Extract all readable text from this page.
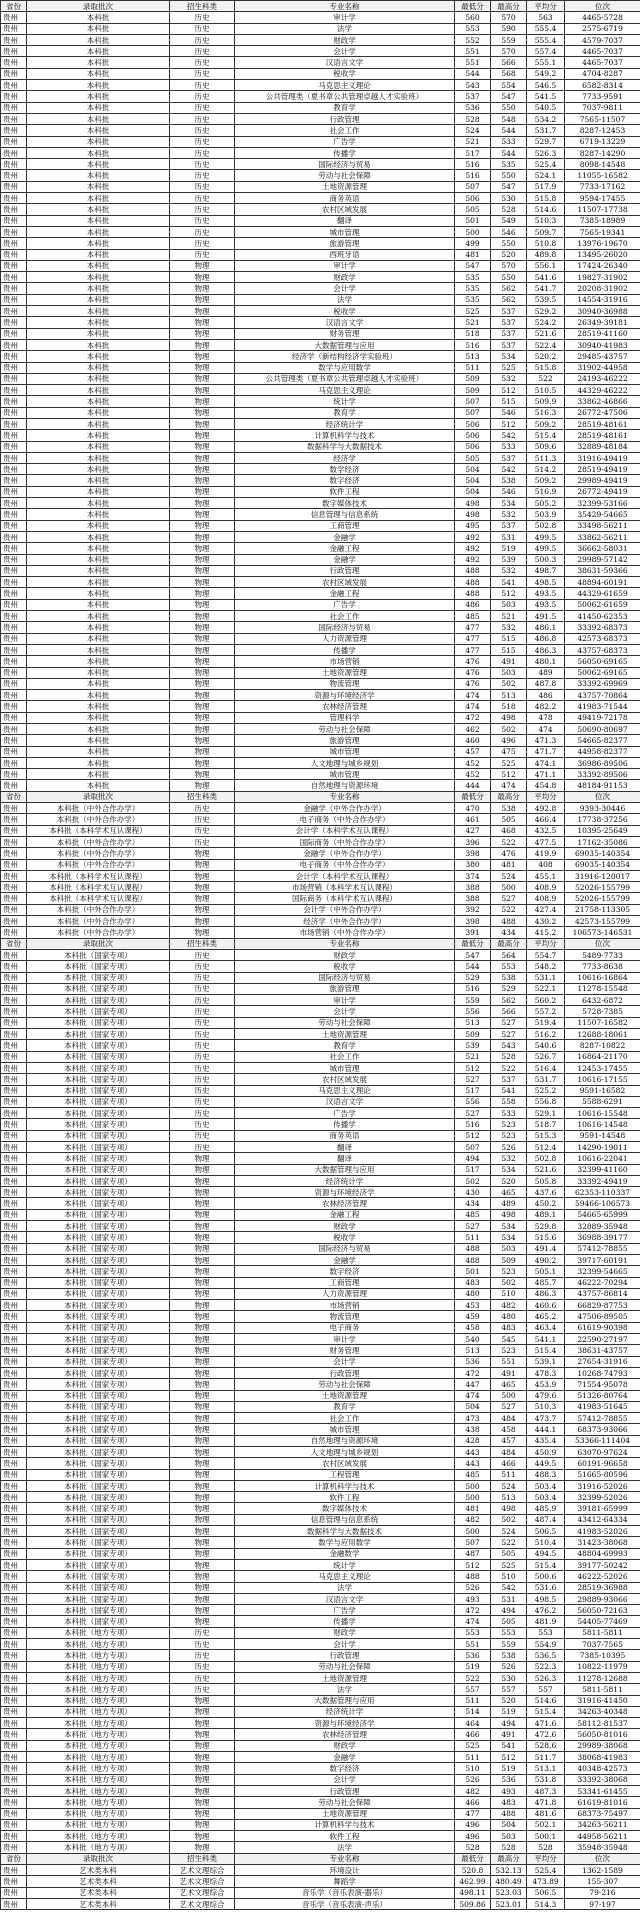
省份	录取批次	招生科类	专业名称	最低分	最高分	平均分	位次
贵州	本科批	历史	审计学	560	570	563	4465-5728
贵州	本科批	历史	法学	553	590	555.4	2575-6719
贵州	本科批	历史	财政学	552	559	555.4	4579-7037
贵州	本科批	历史	会计学	551	570	557.4	4465-7037
贵州	本科批	历史	汉语言文学	551	566	555.1	4465-7037
贵州	本科批	历史	税收学	544	568	549.2	4704-8287
贵州	本科批	历史	马克思主义理论	543	554	546.5	6582-8314
贵州	本科批	历史	公共管理类（夏书章公共管理卓越人才实验班）	537	547	541.5	7733-9591
贵州	本科批	历史	教育学	536	550	540.5	7037-9811
贵州	本科批	历史	行政管理	528	548	534.2	7565-11507
贵州	本科批	历史	社会工作	524	544	531.7	8287-12453
贵州	本科批	历史	广告学	521	533	529.7	6719-13229
贵州	本科批	历史	传播学	517	544	526.3	8287-14290
贵州	本科批	历史	国际经济与贸易	516	535	525.4	8098-14548
贵州	本科批	历史	劳动与社会保障	516	550	524.1	11055-16582
贵州	本科批	历史	土地资源管理	507	547	517.9	7733-17162
贵州	本科批	历史	商务英语	506	530	515.8	9594-17455
贵州	本科批	历史	农村区域发展	505	528	514.6	11507-17738
贵州	本科批	历史	翻译	501	549	510.3	7385-18989
贵州	本科批	历史	城市管理	500	546	509.7	7565-19341
贵州	本科批	历史	旅游管理	499	550	510.8	13976-19670
贵州	本科批	历史	西班牙语	481	520	489.8	13495-26020
贵州	本科批	物理	审计学	547	570	556.1	17424-26340
贵州	本科批	物理	财政学	535	550	541.6	19827-31902
贵州	本科批	物理	会计学	535	562	541.7	20208-31902
贵州	本科批	物理	法学	535	562	539.5	14554-31916
贵州	本科批	物理	税收学	525	537	529.2	30940-36988
贵州	本科批	物理	汉语言文学	521	537	524.2	26349-39181
贵州	本科批	物理	财务管理	518	537	521.6	28519-41160
贵州	本科批	物理	大数据管理与应用	516	537	522.4	30940-41983
贵州	本科批	物理	经济学（新结构经济学实验班）	513	534	520.2	29485-43757
贵州	本科批	物理	数学与应用数学	511	525	515.8	31902-44958
贵州	本科批	物理	公共管理类（夏书章公共管理卓越人才实验班）	509	532	522	24193-46222
贵州	本科批	物理	马克思主义理论	509	512	510.5	44329-46222
贵州	本科批	物理	统计学	507	515	509.9	33862-46866
贵州	本科批	物理	教育学	507	546	516.3	26772-47506
贵州	本科批	物理	经济统计学	506	512	509.2	28519-48161
贵州	本科批	物理	计算机科学与技术	506	542	515.4	28519-48161
贵州	本科批	物理	数据科学与大数据技术	506	533	509.6	32889-48184
贵州	本科批	物理	经济学	505	537	511.3	31916-49419
贵州	本科批	物理	数学经济	504	542	514.2	28519-49419
贵州	本科批	物理	数字经济	504	538	509.2	29989-49419
贵州	本科批	物理	软件工程	504	546	516.9	26772-49419
贵州	本科批	物理	数字媒体技术	498	534	505.2	32399-53166
贵州	本科批	物理	信息管理与信息系统	498	532	503.9	35429-54665
贵州	本科批	物理	工商管理	495	537	502.8	33498-56211
贵州	本科批	物理	金融学	492	531	499.5	33862-56211
贵州	本科批	物理	金融工程	492	519	499.5	36662-58031
贵州	本科批	物理	金融学	492	539	500.3	29989-57142
贵州	本科批	物理	行政管理	488	532	498.7	38631-59366
贵州	本科批	物理	农村区域发展	488	541	498.5	48894-60191
贵州	本科批	物理	金融工程	488	512	493.5	44329-61659
贵州	本科批	物理	广告学	486	503	493.5	50062-61659
贵州	本科批	物理	社会工作	485	521	491.5	41450-62353
贵州	本科批	物理	国际经济与贸易	477	532	486.1	33392-68373
贵州	本科批	物理	人力资源管理	477	515	486.8	42573-68373
贵州	本科批	物理	传播学	477	515	486.3	43757-68373
贵州	本科批	物理	市场营销	476	491	480.1	56050-69165
贵州	本科批	物理	土地资源管理	476	503	489	50062-69165
贵州	本科批	物理	物流管理	476	502	487.8	33392-69969
贵州	本科批	物理	资源与环境经济学	474	513	486	43757-70864
贵州	本科批	物理	农林经济管理	474	518	482.2	41983-71544
贵州	本科批	物理	管理科学	472	498	478	49419-72178
贵州	本科批	物理	劳动与社会保障	462	502	474	50690-80697
贵州	本科批	物理	旅游管理	460	496	471.3	54665-82377
贵州	本科批	物理	城市管理	457	475	471.7	44958-82377
贵州	本科批	物理	人文地理与城乡规划	452	525	474.1	36986-89506
贵州	本科批	物理	城市管理	452	512	471.1	33392-89506
贵州	本科批	物理	自然地理与资源环境	444	474	454.8	48184-91153
省份	录取批次	招生科类	专业名称	最低分	最高分	平均分	位次
贵州	本科批（中外合作办学）	历史	金融学（中外合作办学）	470	538	492.8	9393-30446
贵州	本科批（中外合作办学）	历史	电子商务（中外合作办学）	461	505	466.4	17738-37256
贵州	本科批（本科学术互认课程）	历史	会计学（本科学术互认课程）	427	468	432.5	10395-25649
贵州	本科批（中外合作办学）	历史	国际商务（中外合作办学）	396	522	477.5	17162-35086
贵州	本科批（中外合作办学）	物理	金融学（中外合作办学）	398	476	419.9	69035-140354
贵州	本科批（中外合作办学）	物理	电子商务（中外合作办学）	380	481	408	69035-140354
贵州	本科批（本科学术互认课程）	物理	会计学（本科学术互认课程）	374	524	455.1	31916-120017
贵州	本科批（本科学术互认课程）	物理	市场营销（本科学术互认课程）	388	500	408.9	52026-155799
贵州	本科批（本科学术互认课程）	物理	国际商务（本科学术互认课程）	388	527	408.9	52026-155799
贵州	本科批（中外合作办学）	物理	会计学（中外合作办学）	392	522	427.4	21758-113305
贵州	本科批（中外合作办学）	物理	经济学（中外合作办学）	398	488	430.2	42573-155799
贵州	本科批（中外合作办学）	物理	市场营销（中外合作办学）	391	434	415.2	106573-146531
省份	录取批次	招生科类	专业名称	最低分	最高分	平均分	位次
贵州	本科批（国家专项）	历史	财政学	547	564	554.7	5489-7733
贵州	本科批（国家专项）	历史	税收学	544	553	548.2	7733-8638
贵州	本科批（国家专项）	历史	国际经济与贸易	529	538	531.1	10616-16864
贵州	本科批（国家专项）	历史	旅游管理	516	529	522.1	11278-15548
贵州	本科批（国家专项）	历史	审计学	559	562	560.2	6432-6872
贵州	本科批（国家专项）	历史	会计学	556	566	557.2	5728-7385
贵州	本科批（国家专项）	历史	劳动与社会保障	513	527	519.4	11507-16582
贵州	本科批（国家专项）	历史	土地资源管理	509	527	516.2	12688-18061
贵州	本科批（国家专项）	历史	教育学	539	543	540.6	8287-10822
贵州	本科批（国家专项）	历史	社会工作	521	528	526.7	16864-21170
贵州	本科批（国家专项）	历史	城市管理	512	522	516.4	12453-17455
贵州	本科批（国家专项）	历史	农村区域发展	527	537	531.7	10616-17155
贵州	本科批（国家专项）	历史	马克思主义理论	517	541	525.2	9591-16582
贵州	本科批（国家专项）	历史	汉语言文学	556	558	556.8	5588-6291
贵州	本科批（国家专项）	历史	广告学	527	533	529.1	10616-15548
贵州	本科批（国家专项）	历史	传播学	516	523	518.7	10616-14548
贵州	本科批（国家专项）	历史	商务英语	512	523	515.3	9591-14548
贵州	本科批（国家专项）	历史	翻译	507	526	512.4	14290-19011
贵州	本科批（国家专项）	物理	翻译	494	532	502.8	10616-22041
贵州	本科批（国家专项）	物理	大数据管理与应用	517	534	521.6	32399-41160
贵州	本科批（国家专项）	物理	经济统计学	502	520	505.8	33392-49419
贵州	本科批（国家专项）	物理	资源与环境经济学	430	465	437.6	62353-110337
贵州	本科批（国家专项）	物理	农林经济管理	434	489	450.2	59466-106573
贵州	本科批（国家专项）	物理	金融工程	485	498	489.1	54665-65999
贵州	本科批（国家专项）	物理	财政学	527	534	529.8	32889-35948
贵州	本科批（国家专项）	物理	税收学	511	534	515.6	36988-39177
贵州	本科批（国家专项）	物理	国际经济与贸易	488	503	491.4	57412-78855
贵州	本科批（国家专项）	物理	金融学	488	509	490.2	39717-60191
贵州	本科批（国家专项）	物理	数字经济	501	523	505.1	32399-54665
贵州	本科批（国家专项）	物理	工商管理	483	502	485.7	46222-70294
贵州	本科批（国家专项）	物理	人力资源管理	480	510	486.3	43757-86814
贵州	本科批（国家专项）	物理	市场营销	453	482	460.6	66829-87753
贵州	本科批（国家专项）	物理	物流管理	459	480	465.2	47506-89505
贵州	本科批（国家专项）	物理	电子商务	458	483	463.4	61619-90398
贵州	本科批（国家专项）	物理	审计学	540	545	541.1	22590-27197
贵州	本科批（国家专项）	物理	财务管理	513	523	515.4	38631-43757
贵州	本科批（国家专项）	物理	会计学	536	551	539.1	27654-31916
贵州	本科批（国家专项）	物理	行政管理	472	491	478.3	10268-74793
贵州	本科批（国家专项）	物理	劳动与社会保障	447	465	453.9	71554-95078
贵州	本科批（国家专项）	物理	土地资源管理	474	500	479.6	51326-80764
贵州	本科批（国家专项）	物理	教育学	504	527	510.3	41983-51645
贵州	本科批（国家专项）	物理	社会工作	473	484	473.7	57412-78855
贵州	本科批（国家专项）	物理	城市管理	438	458	444.1	68373-93066
贵州	本科批（国家专项）	物理	自然地理与资源环境	428	457	435.4	53366-111404
贵州	本科批（国家专项）	物理	人文地理与城乡规划	443	484	450.9	63070-97624
贵州	本科批（国家专项）	物理	农村区域发展	443	466	449.5	60191-96658
贵州	本科批（国家专项）	物理	工程管理	485	511	488.3	51665-80596
贵州	本科批（国家专项）	物理	计算机科学与技术	500	524	503.4	31916-52026
贵州	本科批（国家专项）	物理	软件工程	500	513	503.4	32399-52026
贵州	本科批（国家专项）	物理	数字媒体技术	481	498	485.9	39181-65999
贵州	本科批（国家专项）	物理	信息管理与信息系统	482	502	487.4	43412-64334
贵州	本科批（国家专项）	物理	数据科学与大数据技术	500	524	506.5	41983-52026
贵州	本科批（国家专项）	物理	数学与应用数学	507	522	510.4	31423-38068
贵州	本科批（国家专项）	物理	金融数学	487	505	494.5	48804-69993
贵州	本科批（国家专项）	物理	统计学	512	525	515.4	39177-50242
贵州	本科批（国家专项）	物理	马克思主义理论	488	510	500.6	46222-52026
贵州	本科批（国家专项）	物理	法学	526	542	531.6	28519-36988
贵州	本科批（国家专项）	物理	汉语言文学	493	531	498.5	29889-93066
贵州	本科批（国家专项）	物理	广告学	472	494	476.2	56050-72163
贵州	本科批（国家专项）	物理	传播学	474	505	481.9	54405-77469
贵州	本科批（地方专项）	历史	财政学	553	553	553	5811-5811
贵州	本科批（地方专项）	历史	会计学	551	559	554.9	7037-7565
贵州	本科批（地方专项）	历史	行政管理	536	538	536.5	7385-10395
贵州	本科批（地方专项）	历史	劳动与社会保障	519	526	522.3	10822-11979
贵州	本科批（地方专项）	历史	土地资源管理	522	530	526.3	11278-12688
贵州	本科批（地方专项）	历史	法学	557	557	557	5811-5811
贵州	本科批（地方专项）	物理	大数据管理与应用	511	520	514.6	31916-41450
贵州	本科批（地方专项）	物理	经济统计学	514	519	515.4	34263-40348
贵州	本科批（地方专项）	物理	资源与环境经济学	464	494	471.6	58112-81537
贵州	本科批（地方专项）	物理	农林经济管理	466	491	472.6	56050-81016
贵州	本科批（地方专项）	物理	财政学	525	541	528.6	29989-38068
贵州	本科批（地方专项）	物理	金融学	511	512	511.7	38068-41983
贵州	本科批（地方专项）	物理	数字经济	510	519	513.1	40348-42573
贵州	本科批（地方专项）	物理	会计学	526	536	531.8	33392-38068
贵州	本科批（地方专项）	物理	行政管理	482	493	487.3	53341-61455
贵州	本科批（地方专项）	物理	劳动与社会保障	466	483	471.8	61619-81016
贵州	本科批（地方专项）	物理	土地资源管理	477	488	481.6	68373-75497
贵州	本科批（地方专项）	物理	计算机科学与技术	496	504	502.1	34263-56211
贵州	本科批（地方专项）	物理	软件工程	496	503	500.1	44958-56211
贵州	本科批（地方专项）	物理	法学	528	528	528	35948-35948
省份	录取批次	招生科类	专业名称	最低分	最高分	平均分	位次
贵州	艺术类本科	艺术文理综合	环境设计	520.8	532.13	525.4	1362-1589
贵州	艺术类本科	艺术文理综合	舞蹈学	462.99	480.49	473.89	155-307
贵州	艺术类本科	艺术文理综合	音乐学（音乐表演-器乐）	498.11	523.03	506.5	79-216
贵州	艺术类本科	艺术文理综合	音乐学（音乐表演-声乐）	509.86	523.01	514.3	97-197
